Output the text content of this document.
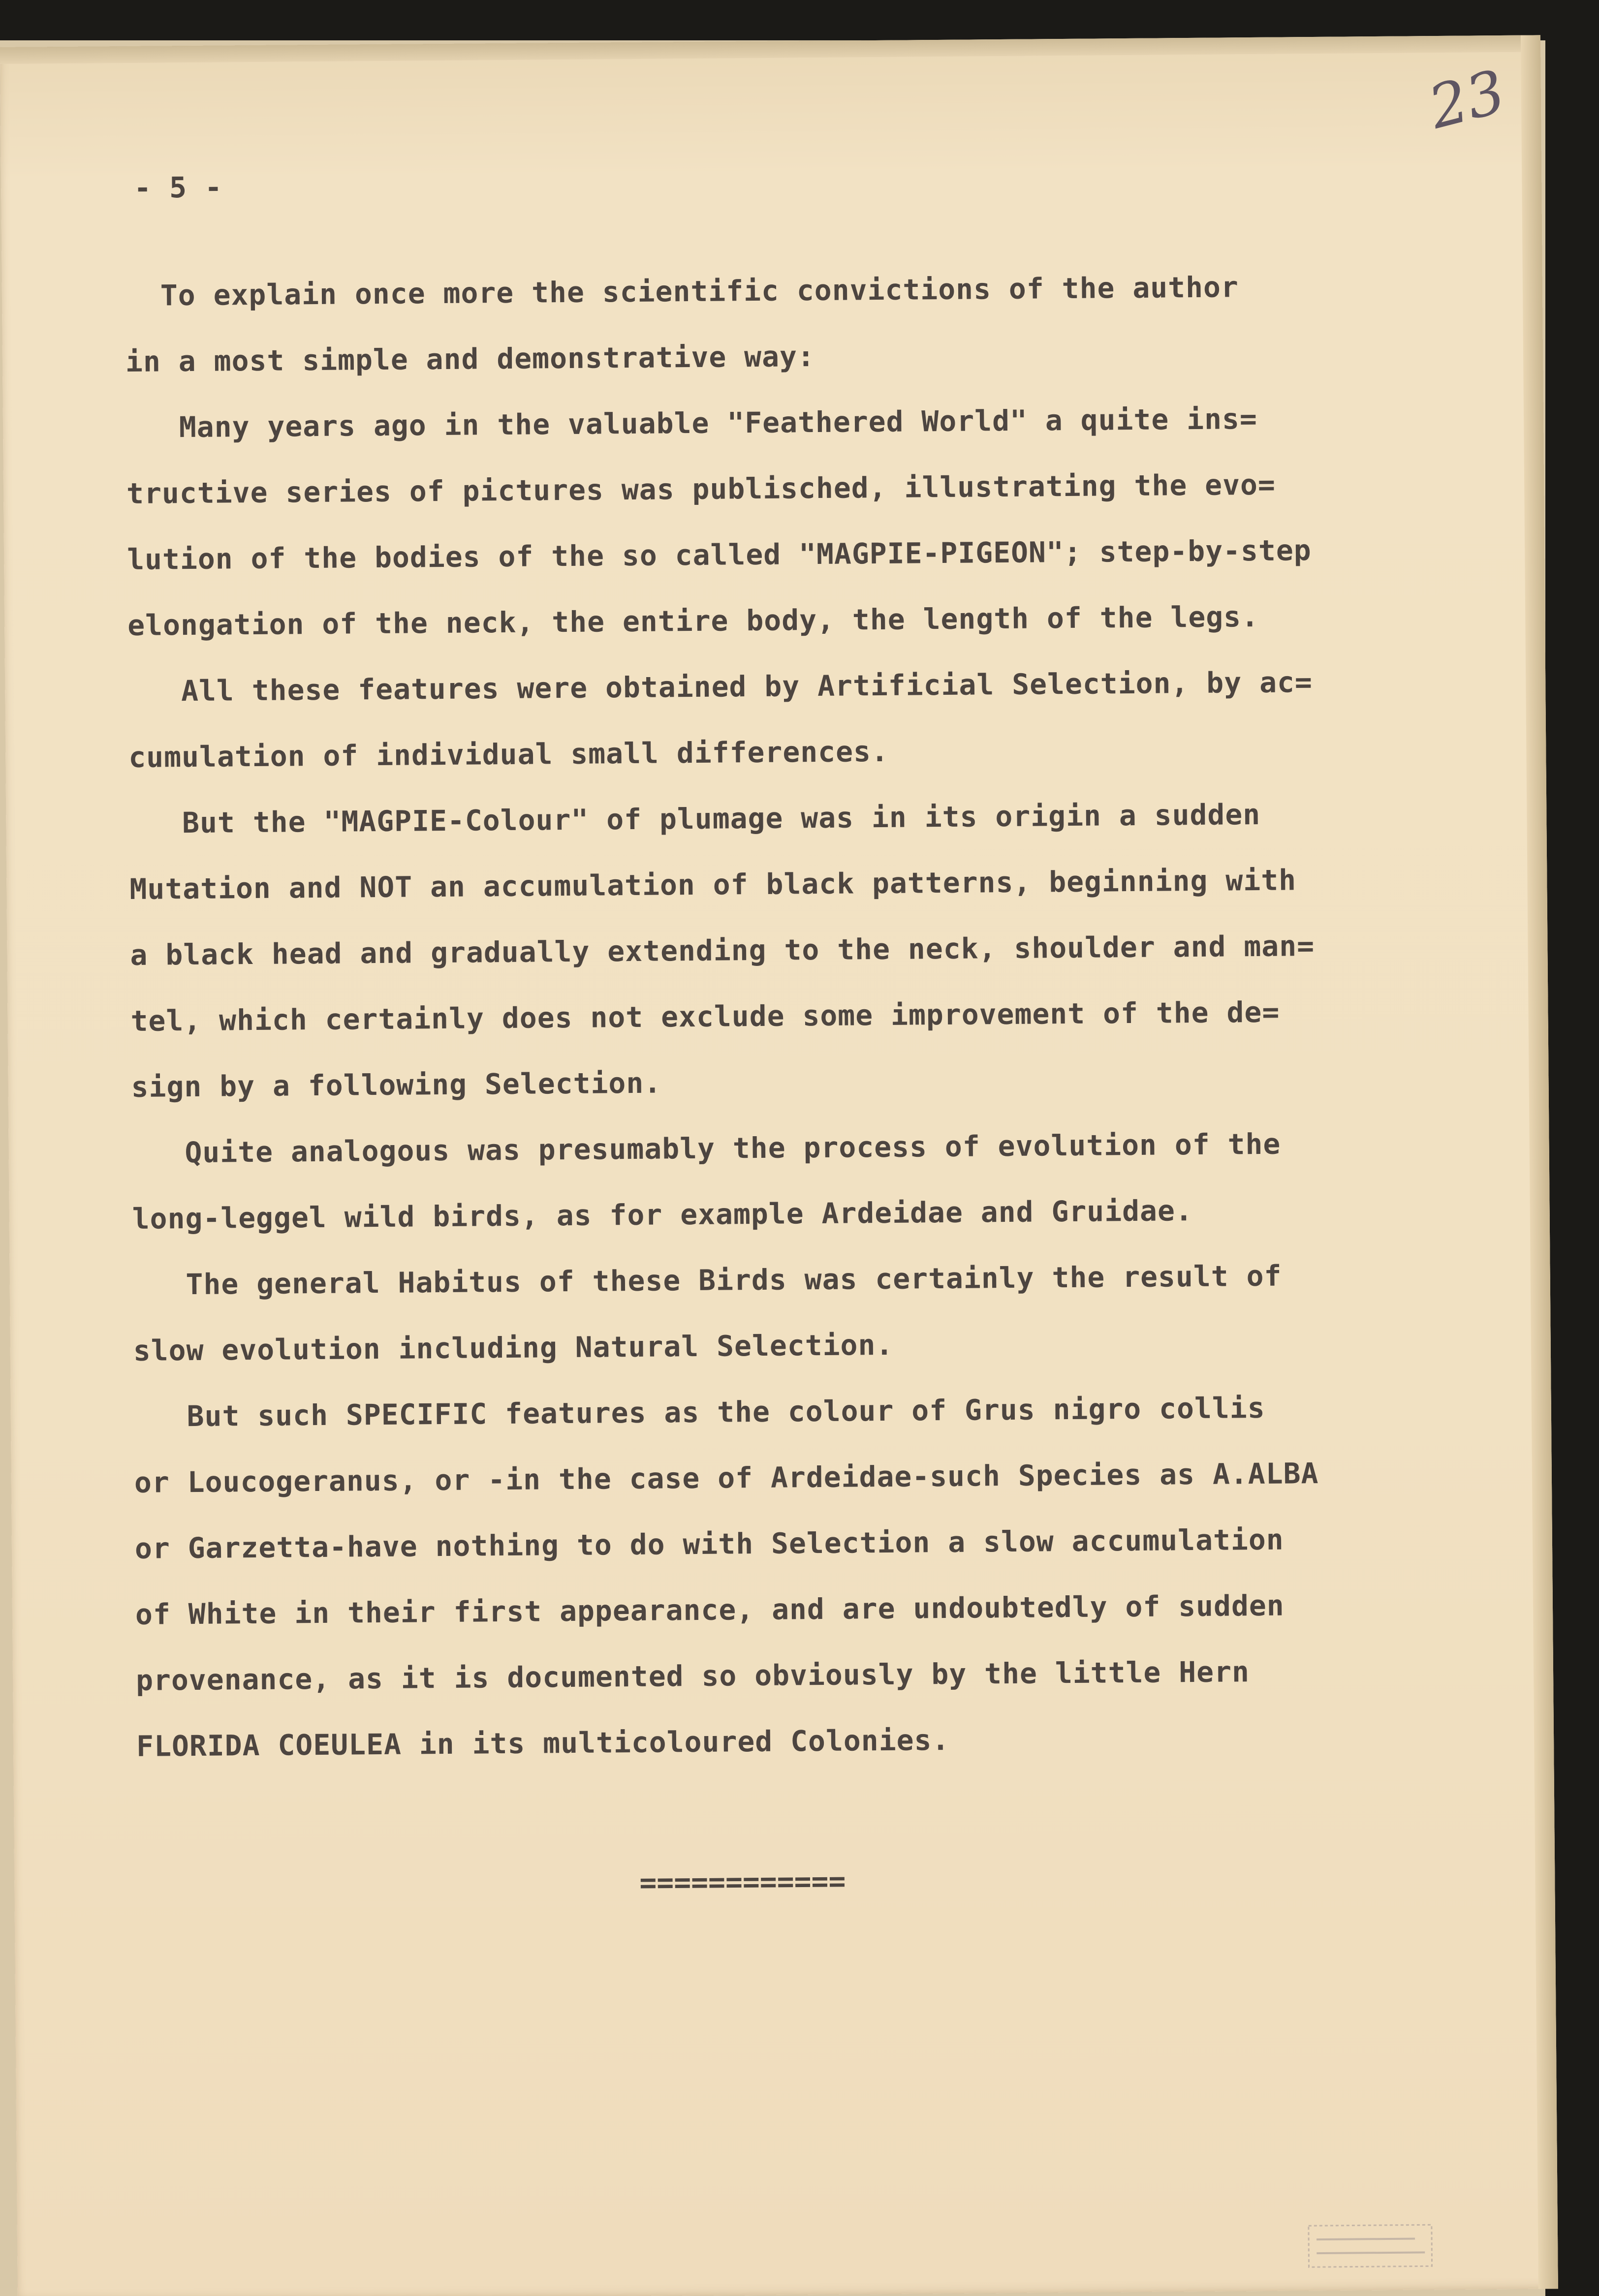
23
- 5 -
To explain once more the scientific convictions of the author
in a most simple and demonstrative way:
Many years ago in the valuable "Feathered World" a quite ins=
tructive series of pictures was publisched, illustrating the evo=
lution of the bodies of the so called "MAGPIE-PIGEON"; step-by-step
elongation of the neck, the entire body, the length of the legs.
All these features were obtained by Artificial Selection, by ac=
cumulation of individual small differences.
But the "MAGPIE-Colour" of plumage was in its origin a sudden
Mutation and NOT an accumulation of black patterns, beginning with
a black head and gradually extending to the neck, shoulder and man=
tel, which certainly does not exclude some improvement of the de=
sign by a following Selection.
Quite analogous was presumably the process of evolution of the
long-leggel wild birds, as for example Ardeidae and Gruidae.
The general Habitus of these Birds was certainly the result of
slow evolution including Natural Selection.
But such SPECIFIC features as the colour of Grus nigro collis
or Loucogeranus, or -in the case of Ardeidae-such Species as A.ALBA
or Garzetta-have nothing to do with Selection a slow accumulation
of White in their first appearance, and are undoubtedly of sudden
provenance, as it is documented so obviously by the little Hern
FLORIDA COEULEA in its multicoloured Colonies.
============
